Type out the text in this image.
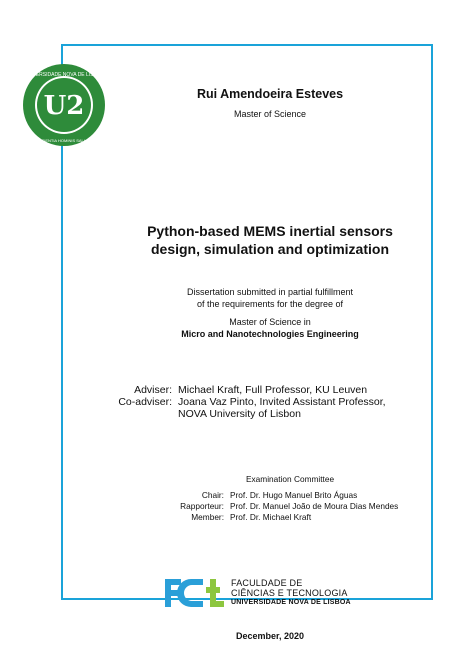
U2
UNIVERSIDADE NOVA DE LISBOA
SCIENTIA HOMINIS SALUS
Rui Amendoeira Esteves
Master of Science
Python-based MEMS inertial sensors
design, simulation and optimization
Dissertation submitted in partial fulfillment
of the requirements for the degree of
Master of Science in
Micro and Nanotechnologies Engineering
Adviser: Michael Kraft, Full Professor, KU Leuven
Co-adviser: Joana Vaz Pinto, Invited Assistant Professor,
NOVA University of Lisbon
Examination Committee
Chair: Prof. Dr. Hugo Manuel Brito Águas
Rapporteur: Prof. Dr. Manuel João de Moura Dias Mendes
Member: Prof. Dr. Michael Kraft
FACULDADE DE
CIÊNCIAS E TECNOLOGIA
UNIVERSIDADE NOVA DE LISBOA
December, 2020
